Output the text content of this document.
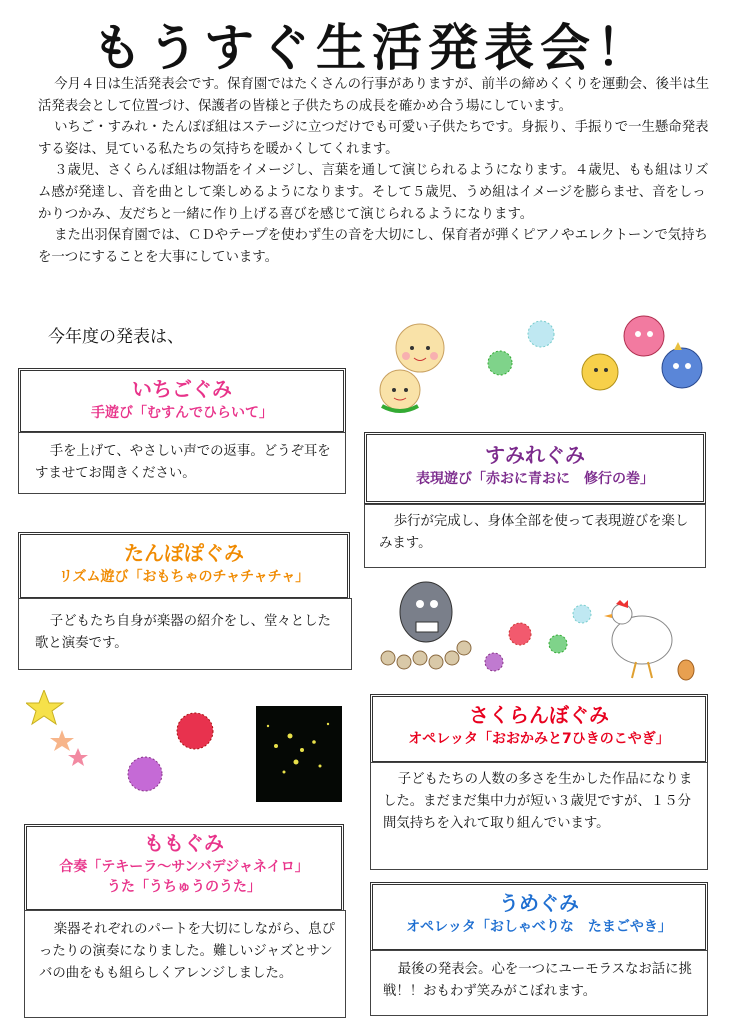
もうすぐ生活発表会！

今月４日は生活発表会です。保育園ではたくさんの行事がありますが、前半の締めくくりを運動会、後半は生活発表会として位置づけ、保護者の皆様と子供たちの成長を確かめ合う場にしています。

いちご・すみれ・たんぽぽ組はステージに立つだけでも可愛い子供たちです。身振り、手振りで一生懸命発表する姿は、見ている私たちの気持ちを暖かくしてくれます。

３歳児、さくらんぼ組は物語をイメージし、言葉を通して演じられるようになります。４歳児、もも組はリズム感が発達し、音を曲として楽しめるようになります。そして５歳児、うめ組はイメージを膨らませ、音をしっかりつかみ、友だちと一緒に作り上げる喜びを感じて演じられるようになります。

また出羽保育園では、ＣＤやテープを使わず生の音を大切にし、保育者が弾くピアノやエレクトーンで気持ちを一つにすることを大事にしています。

今年度の発表は、
いちごぐみ
手遊び「むすんでひらいて」
手を上げて、やさしい声での返事。どうぞ耳をすませてお聞きください。
すみれぐみ
表現遊び「赤おに青おに　修行の巻」
歩行が完成し、身体全部を使って表現遊びを楽しみます。
たんぽぽぐみ
リズム遊び「おもちゃのチャチャチャ」
子どもたち自身が楽器の紹介をし、堂々とした歌と演奏です。
さくらんぼぐみ
オペレッタ「おおかみと7ひきのこやぎ」
子どもたちの人数の多さを生かした作品になりました。まだまだ集中力が短い３歳児ですが、１５分間気持ちを入れて取り組んでいます。
ももぐみ
合奏「テキーラ～サンバデジャネイロ」
うた「うちゅうのうた」
楽器それぞれのパートを大切にしながら、息ぴったりの演奏になりました。難しいジャズとサンバの曲をもも組らしくアレンジしました。
うめぐみ
オペレッタ「おしゃべりな　たまごやき」
最後の発表会。心を一つにユーモラスなお話に挑戦！！おもわず笑みがこぼれます。
